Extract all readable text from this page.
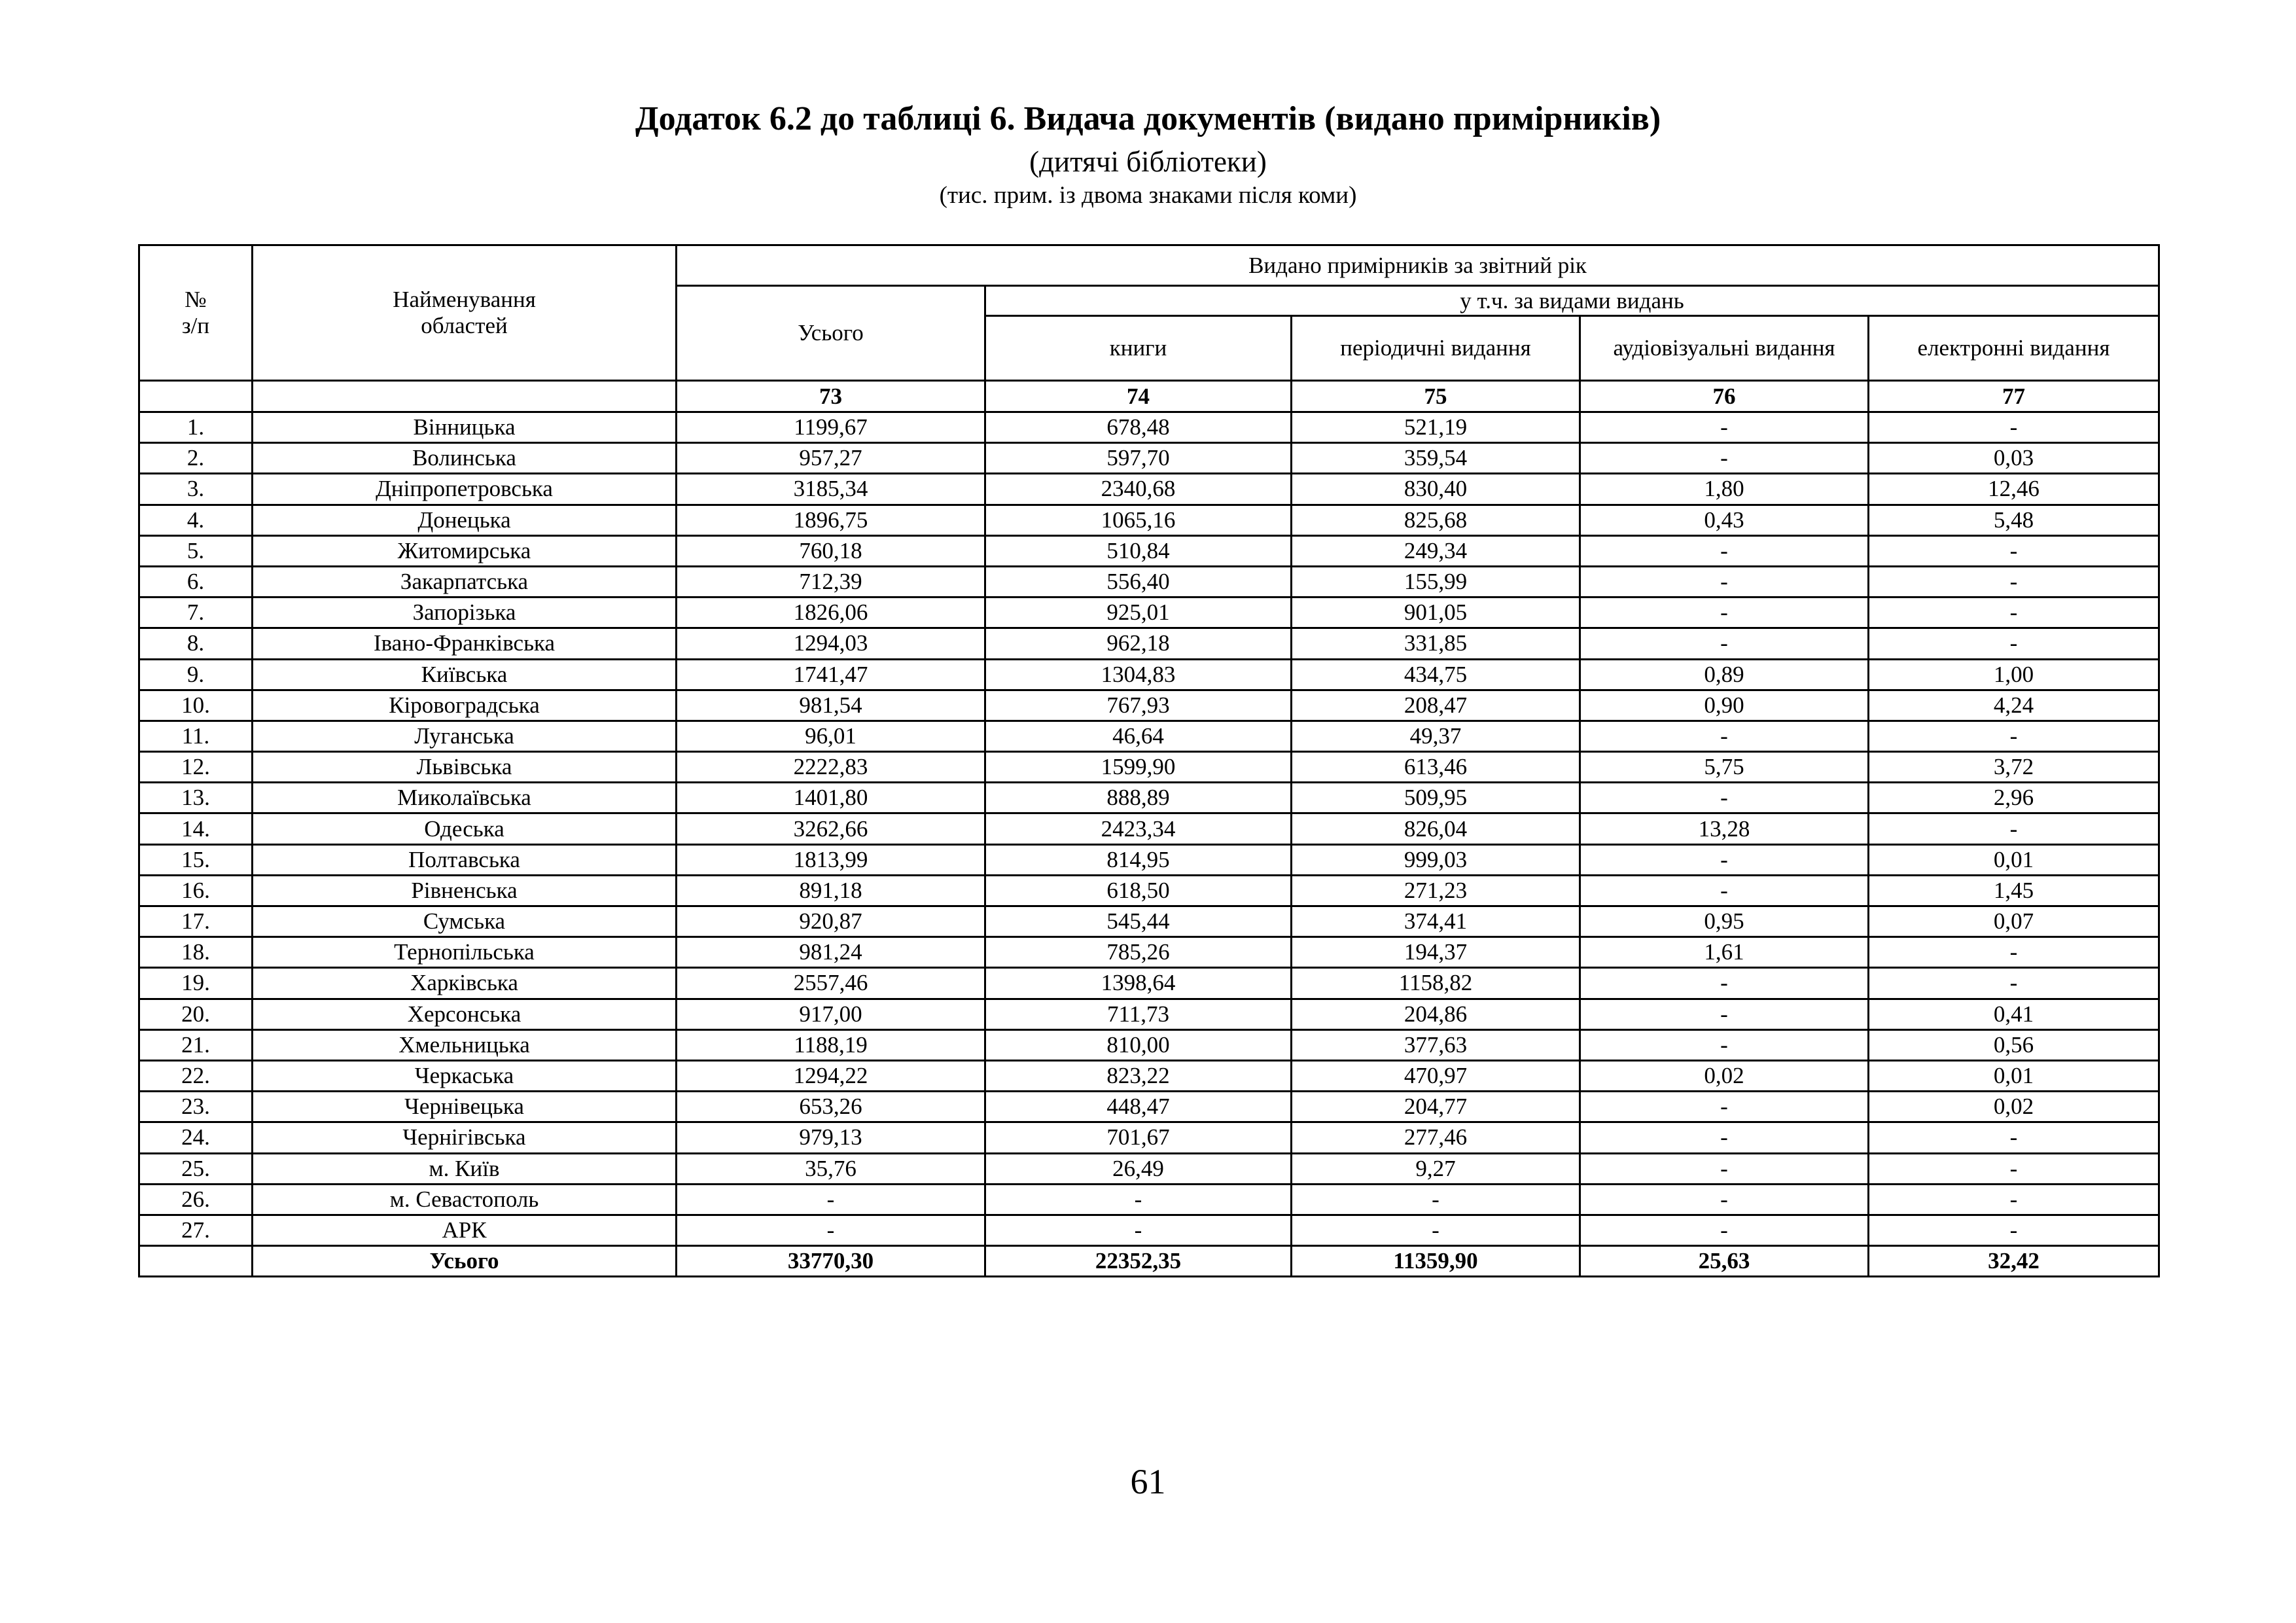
Додаток 6.2 до таблиці 6. Видача документів (видано примірників)
(дитячі бібліотеки)
(тис. прим. із двома знаками після коми)
№
з/п	Найменування
областей	Видано примірників за звітний рік				
		Усього	у т.ч. за видами видань			
			книги	періодичні видання	аудіовізуальні видання	електронні видання
		73	74	75	76	77
1.	Вінницька	1199,67	678,48	521,19	-	-
2.	Волинська	957,27	597,70	359,54	-	0,03
3.	Дніпропетровська	3185,34	2340,68	830,40	1,80	12,46
4.	Донецька	1896,75	1065,16	825,68	0,43	5,48
5.	Житомирська	760,18	510,84	249,34	-	-
6.	Закарпатська	712,39	556,40	155,99	-	-
7.	Запорізька	1826,06	925,01	901,05	-	-
8.	Івано-Франківська	1294,03	962,18	331,85	-	-
9.	Київська	1741,47	1304,83	434,75	0,89	1,00
10.	Кіровоградська	981,54	767,93	208,47	0,90	4,24
11.	Луганська	96,01	46,64	49,37	-	-
12.	Львівська	2222,83	1599,90	613,46	5,75	3,72
13.	Миколаївська	1401,80	888,89	509,95	-	2,96
14.	Одеська	3262,66	2423,34	826,04	13,28	-
15.	Полтавська	1813,99	814,95	999,03	-	0,01
16.	Рівненська	891,18	618,50	271,23	-	1,45
17.	Сумська	920,87	545,44	374,41	0,95	0,07
18.	Тернопільська	981,24	785,26	194,37	1,61	-
19.	Харківська	2557,46	1398,64	1158,82	-	-
20.	Херсонська	917,00	711,73	204,86	-	0,41
21.	Хмельницька	1188,19	810,00	377,63	-	0,56
22.	Черкаська	1294,22	823,22	470,97	0,02	0,01
23.	Чернівецька	653,26	448,47	204,77	-	0,02
24.	Чернігівська	979,13	701,67	277,46	-	-
25.	м. Київ	35,76	26,49	9,27	-	-
26.	м. Севастополь	-	-	-	-	-
27.	АРК	-	-	-	-	-
	Усього	33770,30	22352,35	11359,90	25,63	32,42
61
